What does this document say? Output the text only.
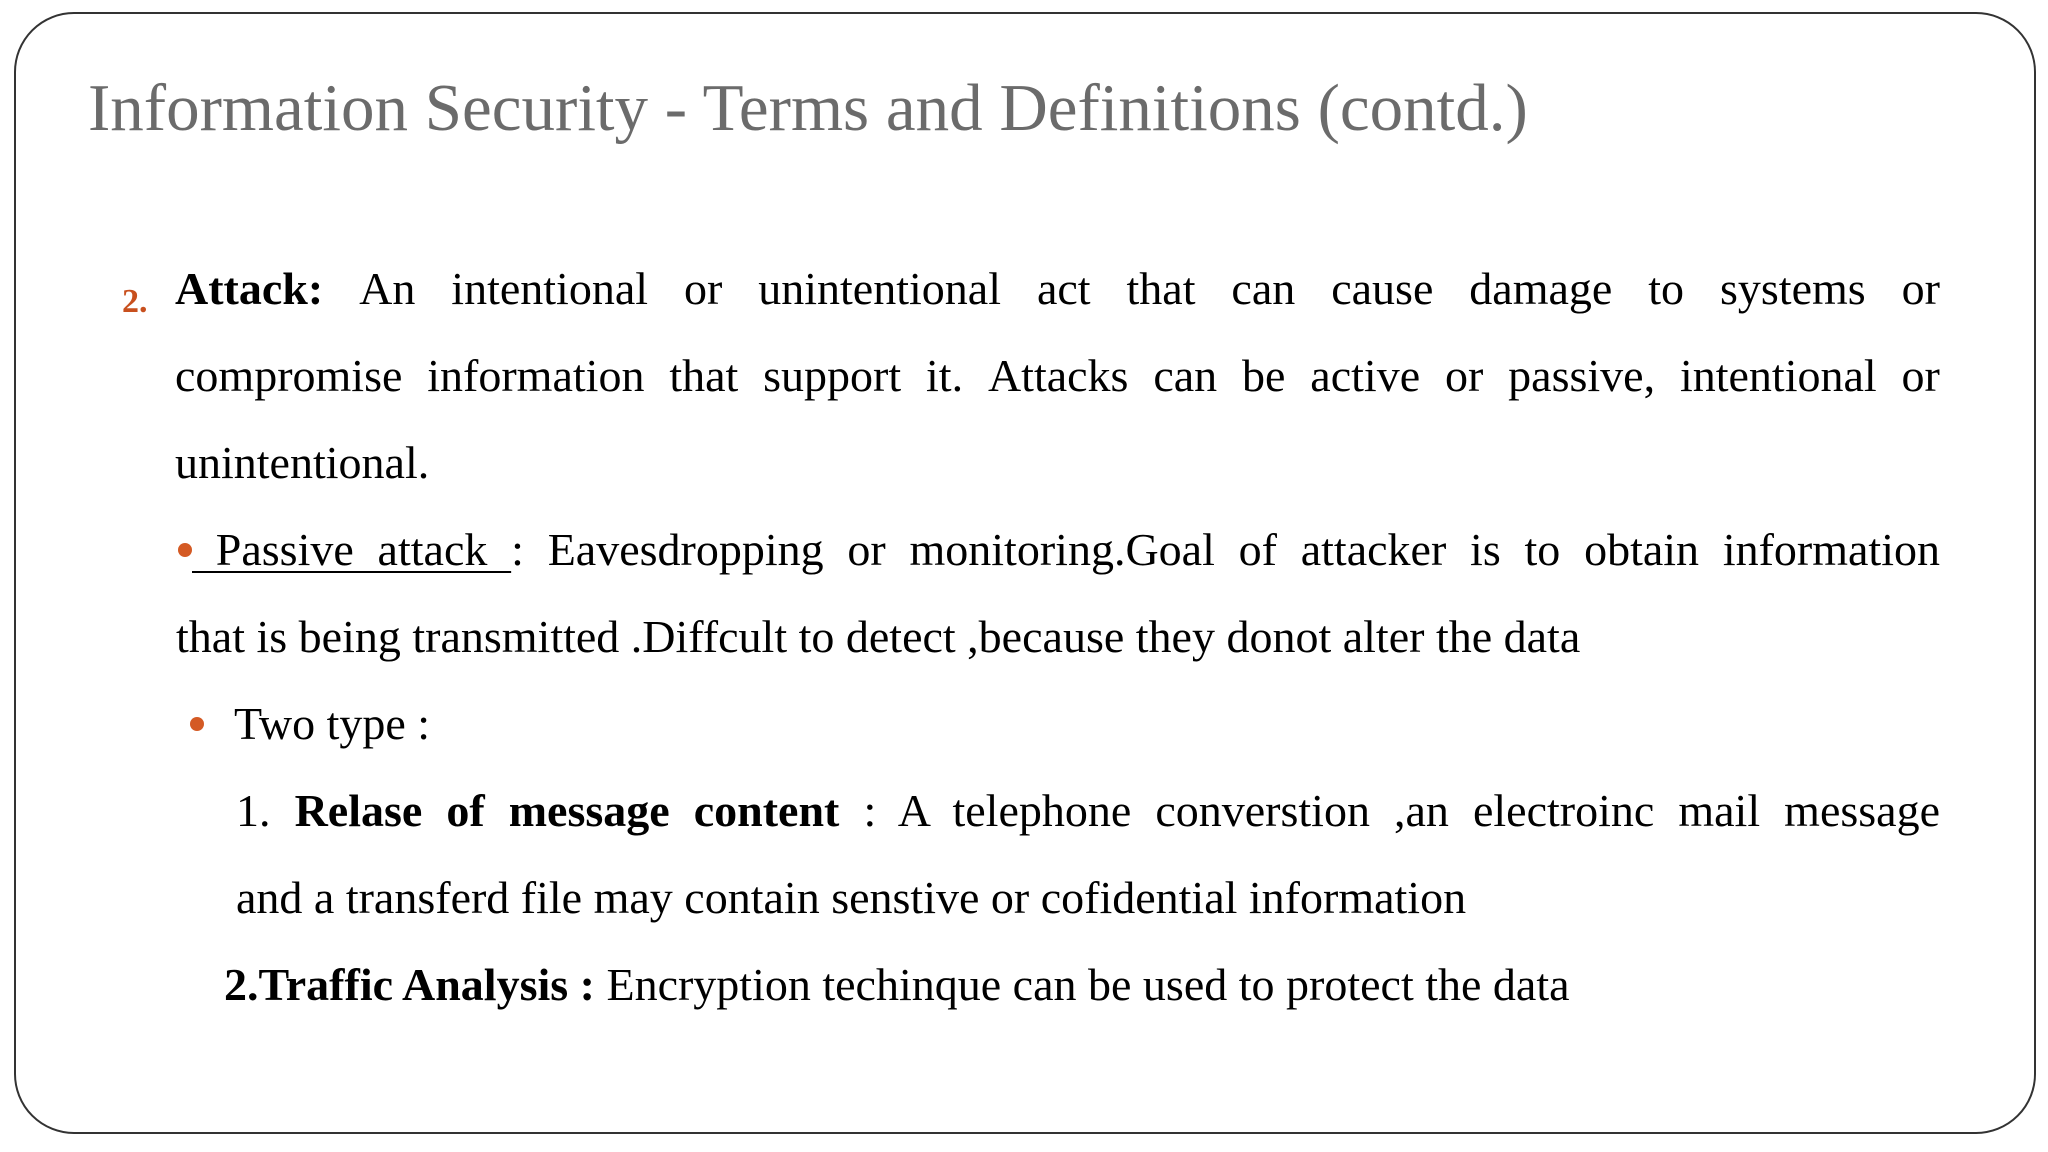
Information Security - Terms and Definitions (contd.)
2. Attack: An intentional or unintentional act that can cause damage to systems or
compromise information that support it. Attacks can be active or passive, intentional or
unintentional.
Passive attack : Eavesdropping or monitoring.Goal of attacker is to obtain information
that is being transmitted .Diffcult to detect ,because they donot alter the data
Two type :
1. Relase of message content : A telephone converstion ,an electroinc mail message
and a transferd file may contain senstive or cofidential information
2.Traffic Analysis : Encryption techinque can be used to protect the data
